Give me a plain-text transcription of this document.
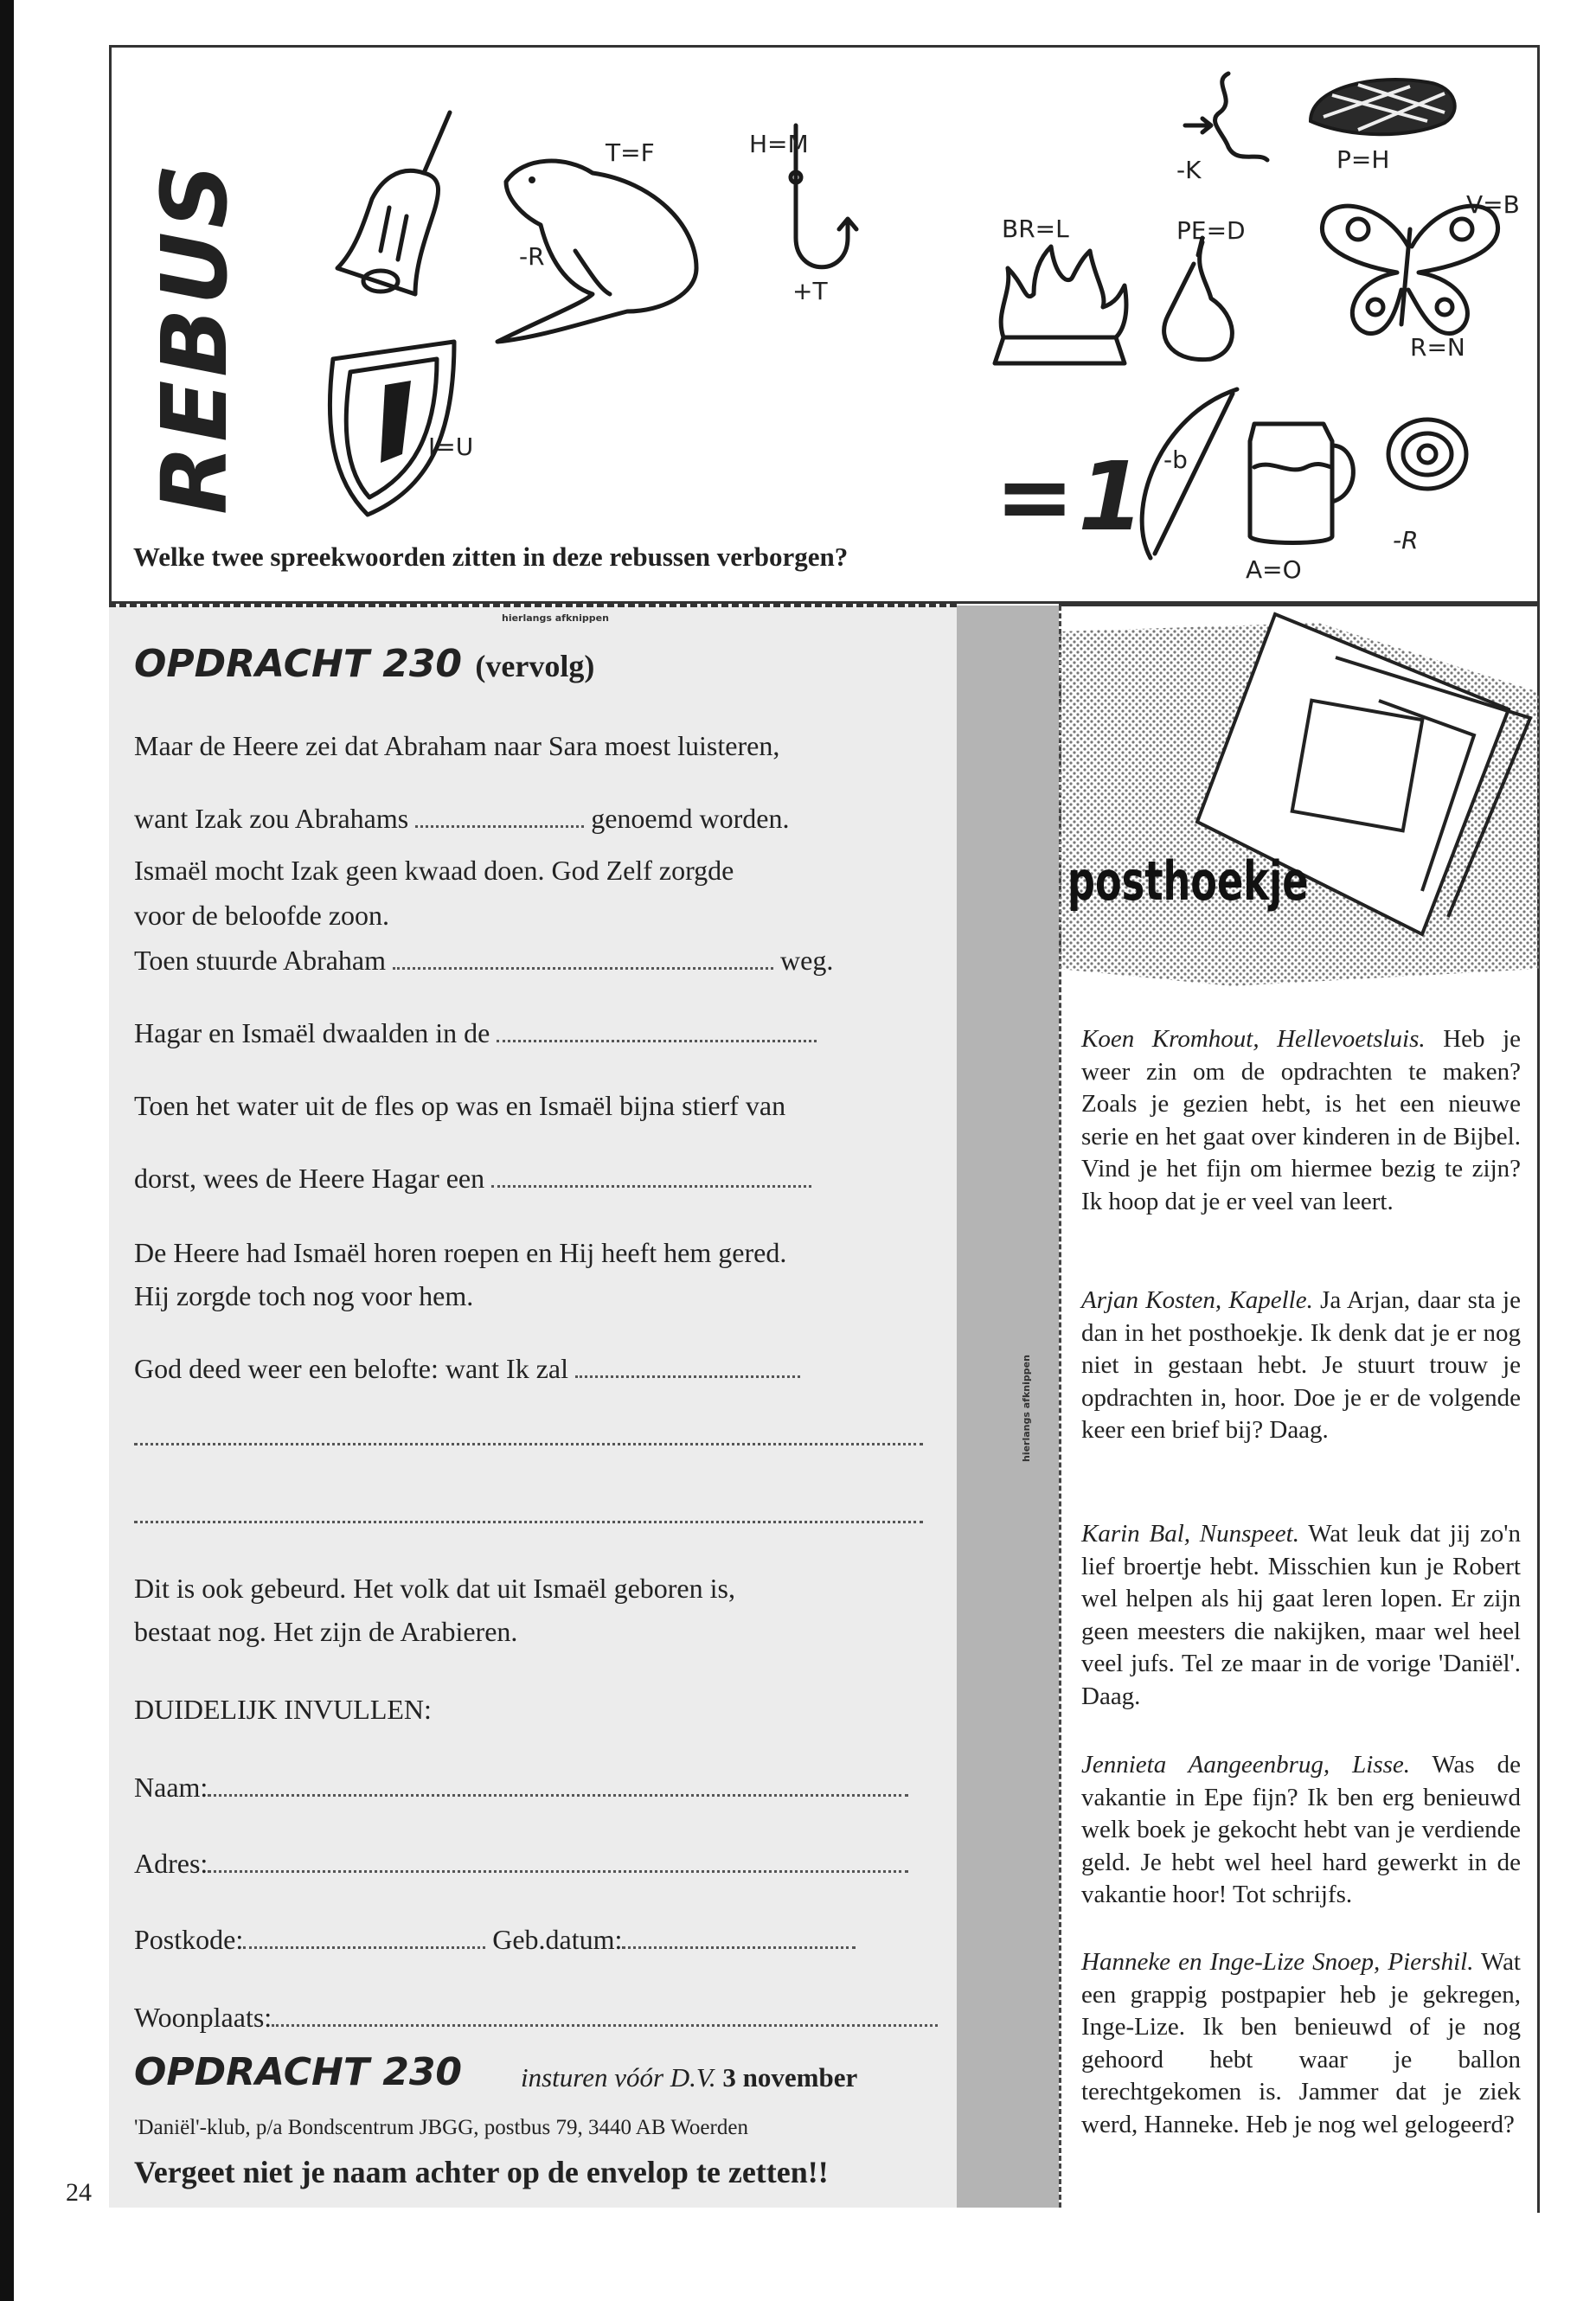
REBUS
T=F
-R
H=M
+T
I=U
-K	P=H
BR=L	PE=D
V=B
R=N
=1 -b
A=O
-R
Welke twee spreekwoorden zitten in deze rebussen verborgen?
hierlangs afknippen
hierlangs afknippen
OPDRACHT 230 (vervolg)
Maar de Heere zei dat Abraham naar Sara moest luisteren,
want Izak zou Abrahams	genoemd worden.
Ismaël mocht Izak geen kwaad doen. God Zelf zorgde
voor de beloofde zoon.
Toen stuurde Abraham	weg.
Hagar en Ismaël dwaalden in de
Toen het water uit de fles op was en Ismaël bijna stierf van
dorst, wees de Heere Hagar een
De Heere had Ismaël horen roepen en Hij heeft hem gered.
Hij zorgde toch nog voor hem.
God deed weer een belofte: want Ik zal
Dit is ook gebeurd. Het volk dat uit Ismaël geboren is,
bestaat nog. Het zijn de Arabieren.
DUIDELIJK INVULLEN:
Naam:
Adres:
Postkode:	Geb.datum:
Woonplaats:
OPDRACHT 230 insturen vóór D.V. 3 november
'Daniël'-klub, p/a Bondscentrum JBGG, postbus 79, 3440 AB Woerden
Vergeet niet je naam achter op de envelop te zetten!!
posthoekje
Koen Kromhout, Hellevoetsluis. Heb je weer zin om de opdrachten te maken? Zoals je gezien hebt, is het een nieuwe serie en het gaat over kinderen in de Bijbel. Vind je het fijn om hiermee bezig te zijn? Ik hoop dat je er veel van leert.
Arjan Kosten, Kapelle. Ja Arjan, daar sta je dan in het posthoekje. Ik denk dat je er nog niet in gestaan hebt. Je stuurt trouw je opdrachten in, hoor. Doe je er de volgende keer een brief bij? Daag.
Karin Bal, Nunspeet. Wat leuk dat jij zo'n lief broertje hebt. Misschien kun je Robert wel helpen als hij gaat leren lopen. Er zijn geen meesters die nakijken, maar wel heel veel jufs. Tel ze maar in de vorige 'Daniël'. Daag.
Jennieta Aangeenbrug, Lisse. Was de vakantie in Epe fijn? Ik ben erg benieuwd welk boek je gekocht hebt van je verdiende geld. Je hebt wel heel hard gewerkt in de vakantie hoor! Tot schrijfs.
Hanneke en Inge-Lize Snoep, Piershil. Wat een grappig postpapier heb je gekregen, Inge-Lize. Ik ben benieuwd of je nog gehoord hebt waar je ballon terechtgekomen is. Jammer dat je ziek werd, Hanneke. Heb je nog wel gelogeerd?
24
